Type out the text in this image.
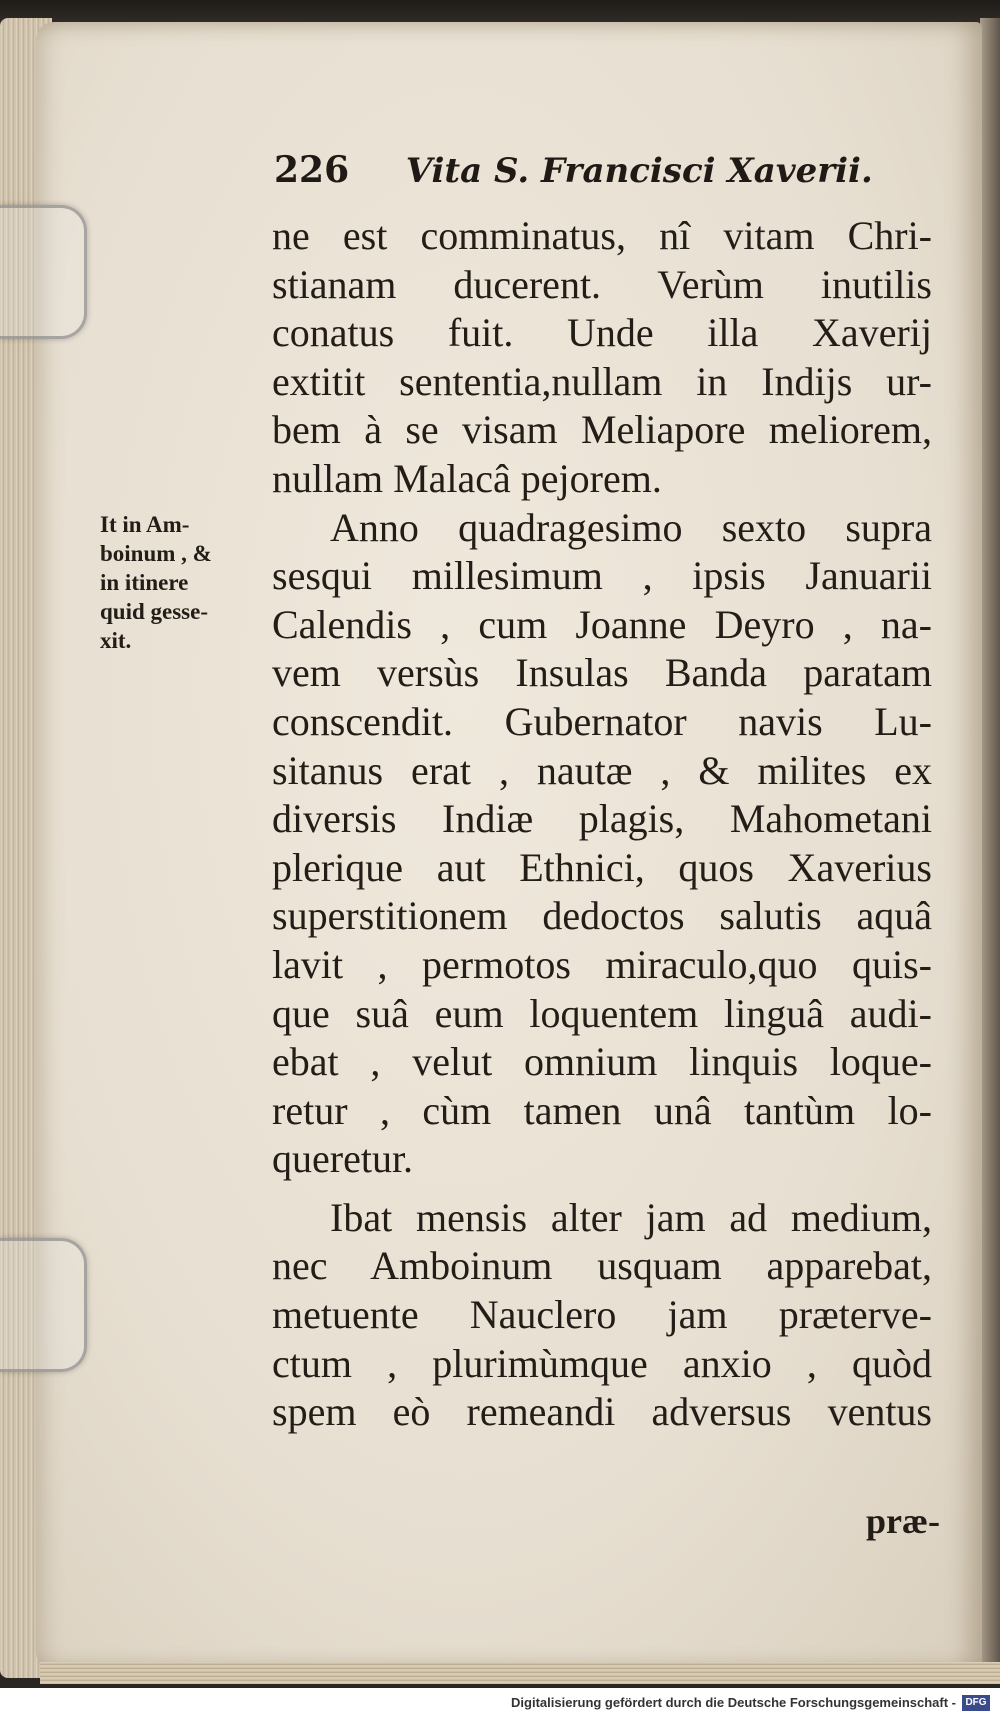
226 Vita S. Francisci Xaverii.
It in Am-
boinum , &
in itinere
quid gesse-
xit.
ne est comminatus, nî vitam Chri-
stianam ducerent. Verùm inutilis
conatus fuit. Unde illa Xaverij
extitit sententia,nullam in Indijs ur-
bem à se visam Meliapore meliorem,
nullam Malacâ pejorem.
Anno quadragesimo sexto supra
sesqui millesimum , ipsis Januarii
Calendis , cum Joanne Deyro , na-
vem versùs Insulas Banda paratam
conscendit. Gubernator navis Lu-
sitanus erat , nautæ , & milites ex
diversis Indiæ plagis, Mahometani
plerique aut Ethnici, quos Xaverius
superstitionem dedoctos salutis aquâ
lavit , permotos miraculo,quo quis-
que suâ eum loquentem linguâ audi-
ebat , velut omnium linquis loque-
retur , cùm tamen unâ tantùm lo-
queretur.
Ibat mensis alter jam ad medium,
nec Amboinum usquam apparebat,
metuente Nauclero jam præterve-
ctum , plurimùmque anxio , quòd
spem eò remeandi adversus ventus
præ-
Digitalisierung gefördert durch die Deutsche Forschungsgemeinschaft - DFG
